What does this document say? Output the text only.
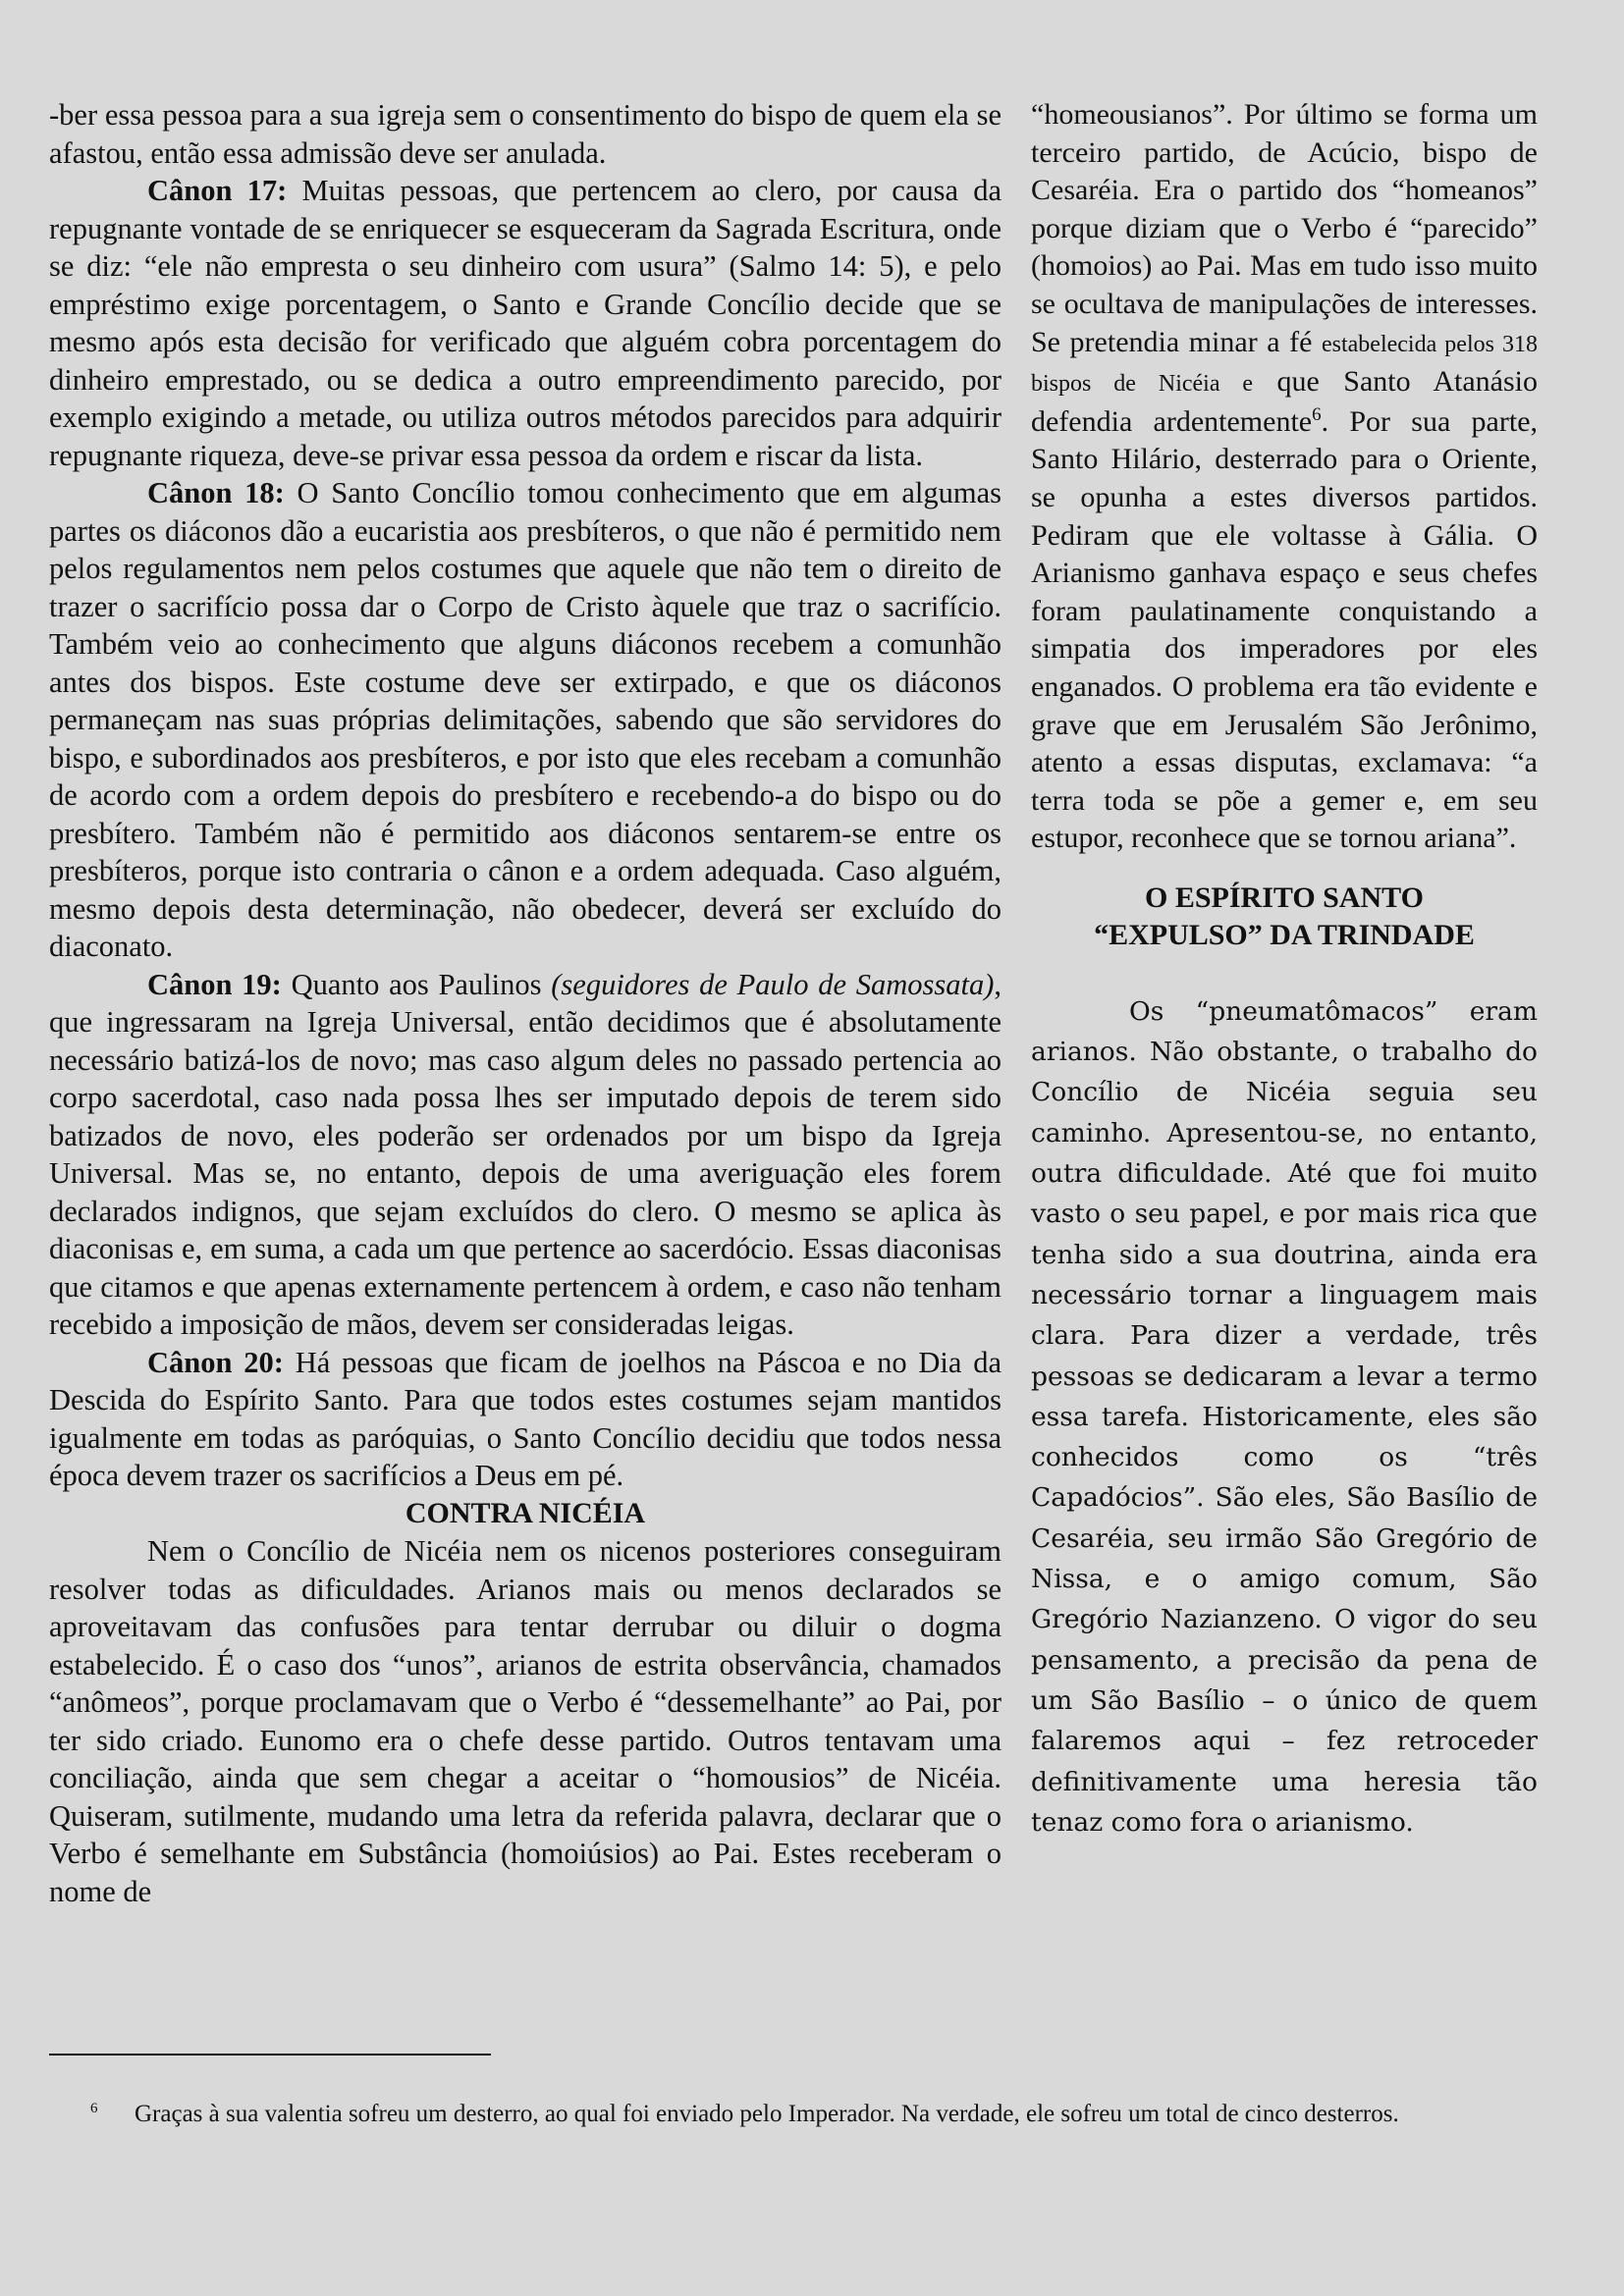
-ber essa pessoa para a sua igreja sem o consentimento do bispo de quem ela se afastou, então essa admissão deve ser anulada.

Cânon 17: Muitas pessoas, que pertencem ao clero, por causa da repugnante vontade de se enriquecer se esqueceram da Sagrada Escritura, onde se diz: “ele não empresta o seu dinheiro com usura” (Salmo 14: 5), e pelo empréstimo exige porcentagem, o Santo e Grande Concílio decide que se mesmo após esta decisão for verificado que alguém cobra porcentagem do dinheiro emprestado, ou se dedica a outro empreendimento parecido, por exemplo exigindo a metade, ou utiliza outros métodos parecidos para adquirir repugnante riqueza, deve-se privar essa pessoa da ordem e riscar da lista.

Cânon 18: O Santo Concílio tomou conhecimento que em algumas partes os diáconos dão a eucaristia aos presbíteros, o que não é permitido nem pelos regulamentos nem pelos costumes que aquele que não tem o direito de trazer o sacrifício possa dar o Corpo de Cristo àquele que traz o sacrifício. Também veio ao conhecimento que alguns diáconos recebem a comunhão antes dos bispos. Este costume deve ser extirpado, e que os diáconos permaneçam nas suas próprias delimitações, sabendo que são servidores do bispo, e subordinados aos presbíteros, e por isto que eles recebam a comunhão de acordo com a ordem depois do presbítero e recebendo-a do bispo ou do presbítero. Também não é permitido aos diáconos sentarem-se entre os presbíteros, porque isto contraria o cânon e a ordem adequada. Caso alguém, mesmo depois desta determinação, não obedecer, deverá ser excluído do diaconato.

Cânon 19: Quanto aos Paulinos (seguidores de Paulo de Samossata), que ingressaram na Igreja Universal, então decidimos que é absolutamente necessário batizá-los de novo; mas caso algum deles no passado pertencia ao corpo sacerdotal, caso nada possa lhes ser imputado depois de terem sido batizados de novo, eles poderão ser ordenados por um bispo da Igreja Universal. Mas se, no entanto, depois de uma averiguação eles forem declarados indignos, que sejam excluídos do clero. O mesmo se aplica às diaconisas e, em suma, a cada um que pertence ao sacerdócio. Essas diaconisas que citamos e que apenas externamente pertencem à ordem, e caso não tenham recebido a imposição de mãos, devem ser consideradas leigas.

Cânon 20: Há pessoas que ficam de joelhos na Páscoa e no Dia da Descida do Espírito Santo. Para que todos estes costumes sejam mantidos igualmente em todas as paróquias, o Santo Concílio decidiu que todos nessa época devem trazer os sacrifícios a Deus em pé.

CONTRA NICÉIA

Nem o Concílio de Nicéia nem os nicenos posteriores conseguiram resolver todas as dificuldades. Arianos mais ou menos declarados se aproveitavam das confusões para tentar derrubar ou diluir o dogma estabelecido. É o caso dos “unos”, arianos de estrita observância, chamados “anômeos”, porque proclamavam que o Verbo é “dessemelhante” ao Pai, por ter sido criado. Eunomo era o chefe desse partido. Outros tentavam uma conciliação, ainda que sem chegar a aceitar o “homousios” de Nicéia. Quiseram, sutilmente, mudando uma letra da referida palavra, declarar que o Verbo é semelhante em Substância (homoiúsios) ao Pai. Estes receberam o nome de

“homeousianos”. Por último se forma um terceiro partido, de Acúcio, bispo de Cesaréia. Era o partido dos “homeanos” porque diziam que o Verbo é “parecido” (homoios) ao Pai. Mas em tudo isso muito se ocultava de manipulações de interesses. Se pretendia minar a fé estabelecida pelos 318 bispos de Nicéia e que Santo Atanásio defendia ardentemente$^6$. Por sua parte, Santo Hilário, desterrado para o Oriente, se opunha a estes diversos partidos. Pediram que ele voltasse à Gália. O Arianismo ganhava espaço e seus chefes foram paulatinamente conquistando a simpatia dos imperadores por eles enganados. O problema era tão evidente e grave que em Jerusalém São Jerônimo, atento a essas disputas, exclamava: “a terra toda se põe a gemer e, em seu estupor, reconhece que se tornou ariana”.

O ESPÍRITO SANTO
“EXPULSO” DA TRINDADE

Os “pneumatômacos” eram arianos. Não obstante, o trabalho do Concílio de Nicéia seguia seu caminho. Apresentou-se, no entanto, outra dificuldade. Até que foi muito vasto o seu papel, e por mais rica que tenha sido a sua doutrina, ainda era necessário tornar a linguagem mais clara. Para dizer a verdade, três pessoas se dedicaram a levar a termo essa tarefa. Historicamente, eles são conhecidos como os “três Capadócios”. São eles, São Basílio de Cesaréia, seu irmão São Gregório de Nissa, e o amigo comum, São Gregório Nazianzeno. O vigor do seu pensamento, a precisão da pena de um São Basílio – o único de quem falaremos aqui – fez retroceder definitivamente uma heresia tão tenaz como fora o arianismo.

6	Graças à sua valentia sofreu um desterro, ao qual foi enviado pelo Imperador. Na verdade, ele sofreu um total de cinco desterros.
